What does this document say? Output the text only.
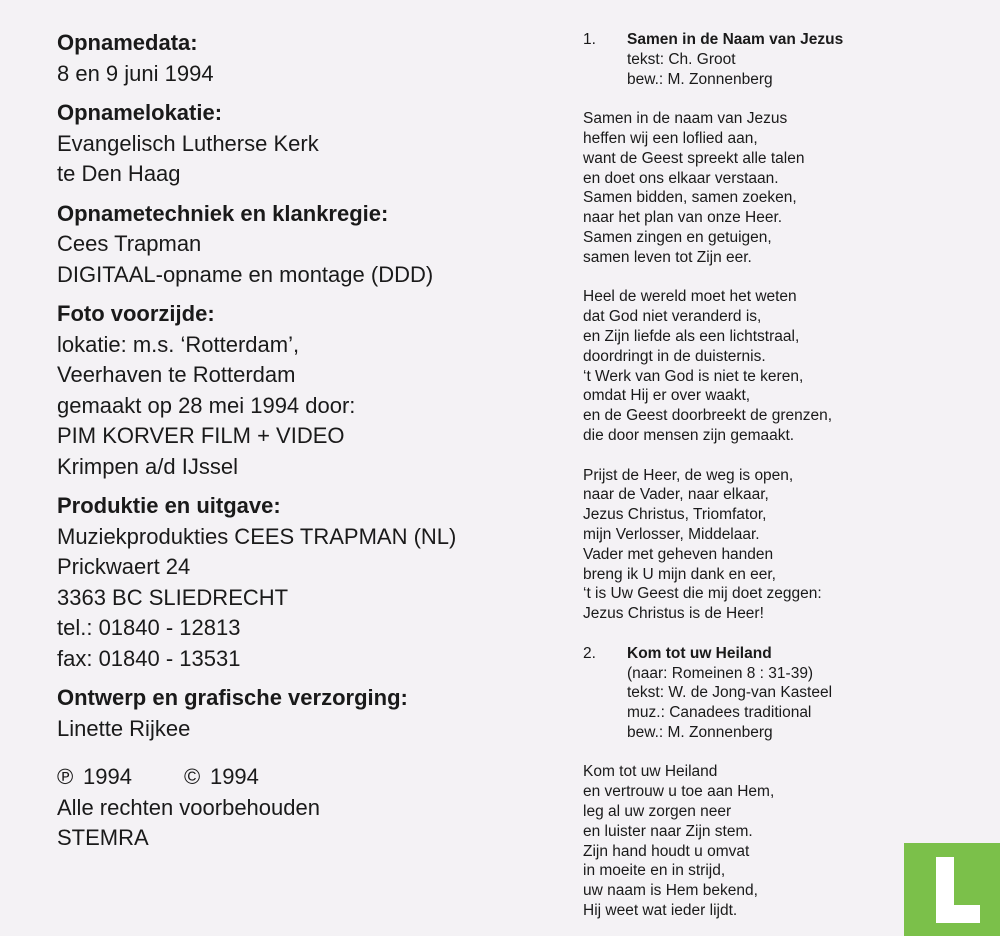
Opnamedata:
8 en 9 juni 1994
Opnamelokatie:
Evangelisch Lutherse Kerk
te Den Haag
Opnametechniek en klankregie:
Cees Trapman
DIGITAAL-opname en montage (DDD)
Foto voorzijde:
lokatie: m.s. ‘Rotterdam’,
Veerhaven te Rotterdam
gemaakt op 28 mei 1994 door:
PIM KORVER FILM + VIDEO
Krimpen a/d IJssel
Produktie en uitgave:
Muziekprodukties CEES TRAPMAN (NL)
Prickwaert 24
3363 BC SLIEDRECHT
tel.: 01840 - 12813
fax: 01840 - 13531
Ontwerp en grafische verzorging:
Linette Rijkee
℗ 1994 © 1994
Alle rechten voorbehouden
STEMRA
1. Samen in de Naam van Jezus
tekst: Ch. Groot
bew.: M. Zonnenberg
Samen in de naam van Jezus
heffen wij een loflied aan,
want de Geest spreekt alle talen
en doet ons elkaar verstaan.
Samen bidden, samen zoeken,
naar het plan van onze Heer.
Samen zingen en getuigen,
samen leven tot Zijn eer.
Heel de wereld moet het weten
dat God niet veranderd is,
en Zijn liefde als een lichtstraal,
doordringt in de duisternis.
‘t Werk van God is niet te keren,
omdat Hij er over waakt,
en de Geest doorbreekt de grenzen,
die door mensen zijn gemaakt.
Prijst de Heer, de weg is open,
naar de Vader, naar elkaar,
Jezus Christus, Triomfator,
mijn Verlosser, Middelaar.
Vader met geheven handen
breng ik U mijn dank en eer,
‘t is Uw Geest die mij doet zeggen:
Jezus Christus is de Heer!
2. Kom tot uw Heiland
(naar: Romeinen 8 : 31-39)
tekst: W. de Jong-van Kasteel
muz.: Canadees traditional
bew.: M. Zonnenberg
Kom tot uw Heiland
en vertrouw u toe aan Hem,
leg al uw zorgen neer
en luister naar Zijn stem.
Zijn hand houdt u omvat
in moeite en in strijd,
uw naam is Hem bekend,
Hij weet wat ieder lijdt.
